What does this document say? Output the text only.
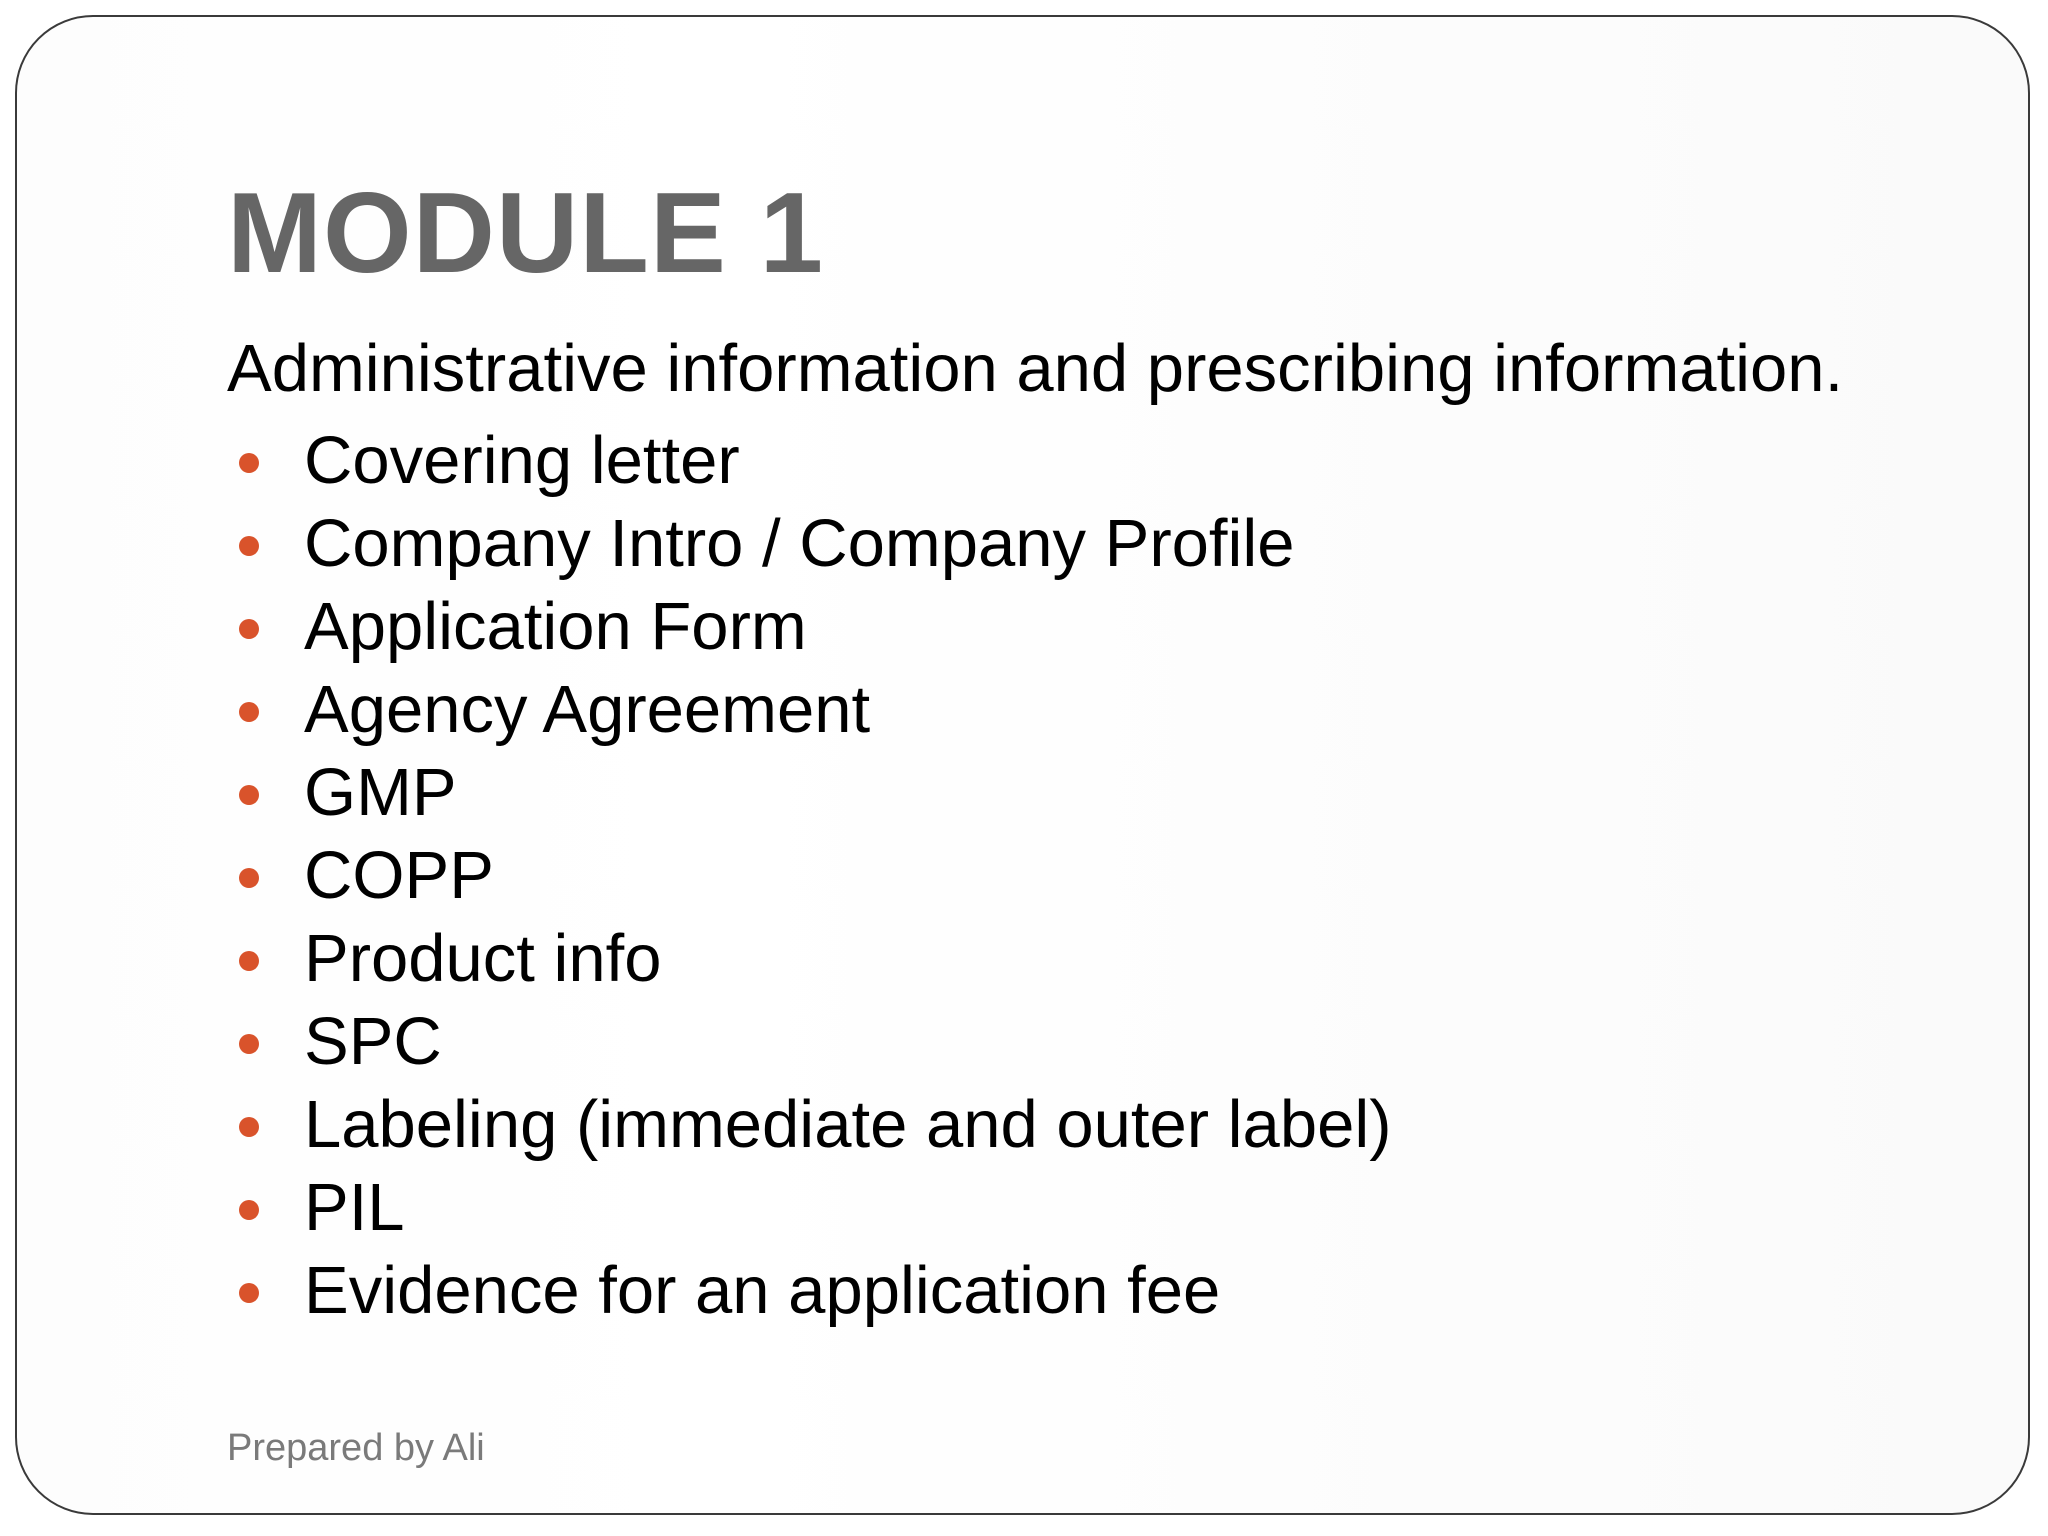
MODULE 1

Administrative information and prescribing information.

Covering letter
Company Intro / Company Profile
Application Form
Agency Agreement
GMP
COPP
Product info
SPC
Labeling (immediate and outer label)
PIL
Evidence for an application fee

Prepared by Ali
